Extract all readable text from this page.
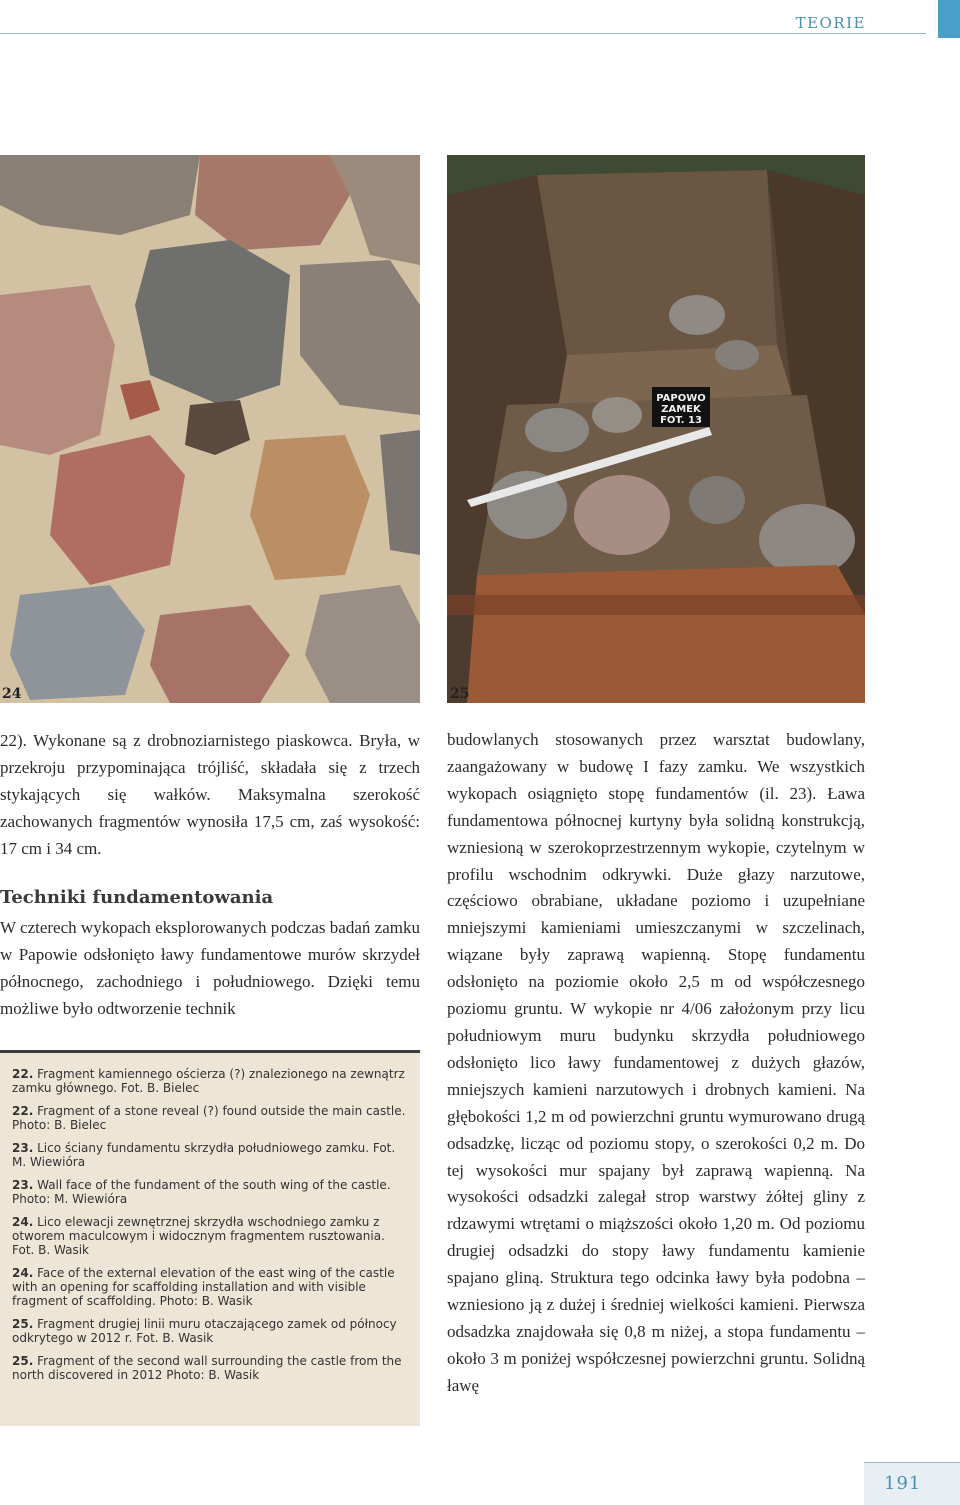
TEORIE
24
PAPOWO
ZAMEK
FOT. 13
25
22). Wykonane są z drobnoziarnistego piaskowca. Bryła, w przekroju przypominająca trójliść, składała się z trzech stykających się wałków. Maksymalna szerokość zachowanych fragmentów wynosiła 17,5 cm, zaś wysokość: 17 cm i 34 cm.
Techniki fundamentowania
W czterech wykopach eksplorowanych podczas badań zamku w Papowie odsłonięto ławy fundamentowe murów skrzydeł północnego, zachodniego i południowego. Dzięki temu możliwe było odtworzenie technik
22. Fragment kamiennego ościerza (?) znalezionego na zewnątrz zamku głównego. Fot. B. Bielec
22. Fragment of a stone reveal (?) found outside the main castle. Photo: B. Bielec
23. Lico ściany fundamentu skrzydła południowego zamku. Fot. M. Wiewióra
23. Wall face of the fundament of the south wing of the castle. Photo: M. Wiewióra
24. Lico elewacji zewnętrznej skrzydła wschodniego zamku z otworem maculcowym i widocznym fragmentem rusztowania. Fot. B. Wasik
24. Face of the external elevation of the east wing of the castle with an opening for scaffolding installation and with visible fragment of scaffolding. Photo: B. Wasik
25. Fragment drugiej linii muru otaczającego zamek od północy odkrytego w 2012 r. Fot. B. Wasik
25. Fragment of the second wall surrounding the castle from the north discovered in 2012 Photo: B. Wasik
budowlanych stosowanych przez warsztat budowlany, zaangażowany w budowę I fazy zamku. We wszystkich wykopach osiągnięto stopę fundamentów (il. 23). Ława fundamentowa północnej kurtyny była solidną konstrukcją, wzniesioną w szerokoprzestrzennym wykopie, czytelnym w profilu wschodnim odkrywki. Duże głazy narzutowe, częściowo obrabiane, układane poziomo i uzupełniane mniejszymi kamieniami umieszczanymi w szczelinach, wiązane były zaprawą wapienną. Stopę fundamentu odsłonięto na poziomie około 2,5 m od współczesnego poziomu gruntu. W wykopie nr 4/06 założonym przy licu południowym muru budynku skrzydła południowego odsłonięto lico ławy fundamentowej z dużych głazów, mniejszych kamieni narzutowych i drobnych kamieni. Na głębokości 1,2 m od powierzchni gruntu wymurowano drugą odsadzkę, licząc od poziomu stopy, o szerokości 0,2 m. Do tej wysokości mur spajany był zaprawą wapienną. Na wysokości odsadzki zalegał strop warstwy żółtej gliny z rdzawymi wtrętami o miąższości około 1,20 m. Od poziomu drugiej odsadzki do stopy ławy fundamentu kamienie spajano gliną. Struktura tego odcinka ławy była podobna – wzniesiono ją z dużej i średniej wielkości kamieni. Pierwsza odsadzka znajdowała się 0,8 m niżej, a stopa fundamentu – około 3 m poniżej współczesnej powierzchni gruntu. Solidną ławę
191
